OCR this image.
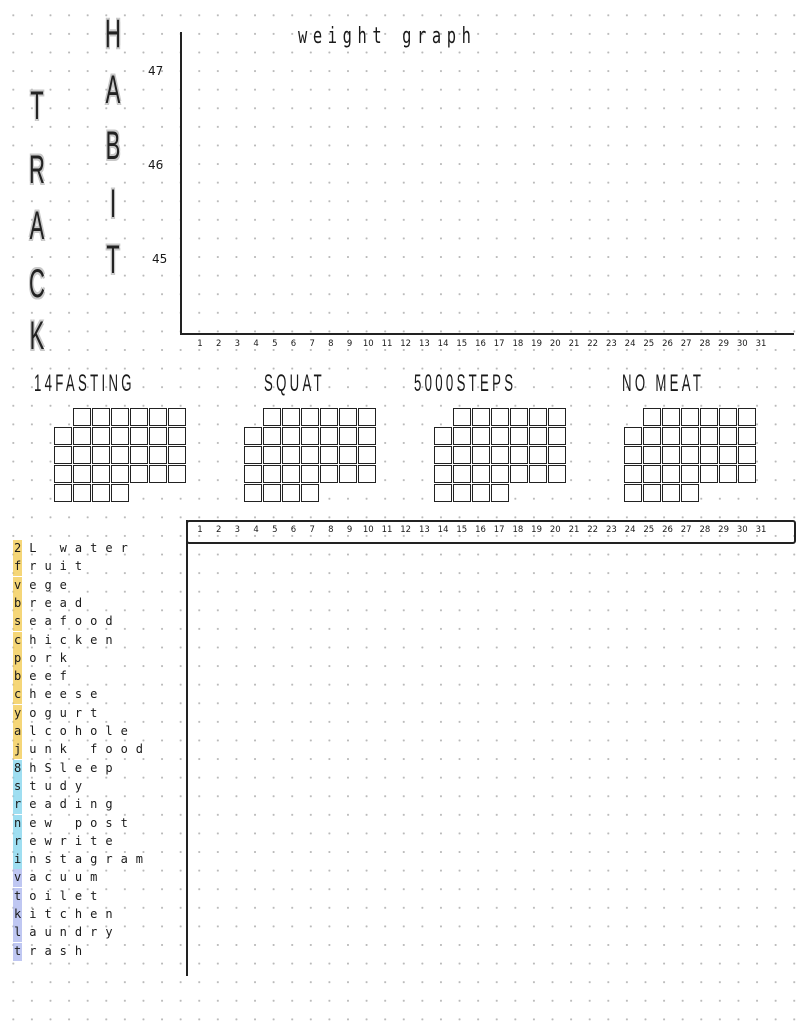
H
A
B
I
T
T
R
A
C
K
weight graph
47
46
45
1	2	3	4	5	6	7	8	9	10 11 12 13 14 15 16 17 18 19 20 21 22 23 24 25 26 27 28 29 30 31
14FASTING	SQUAT	5000STEPS	NO MEAT
1	2	3	4	5	6	7	8	9	10 11 12 13 14 15 16 17 18 19 20 21 22 23 24 25 26 27 28 29 30 31
2L water
fruit
vege
bread
seafood
chicken
pork
beef
cheese
yogurt
alcohole
junk food
8hSleep
study
reading
new post
rewrite
instagram
vacuum
toilet
kitchen
laundry
trash
